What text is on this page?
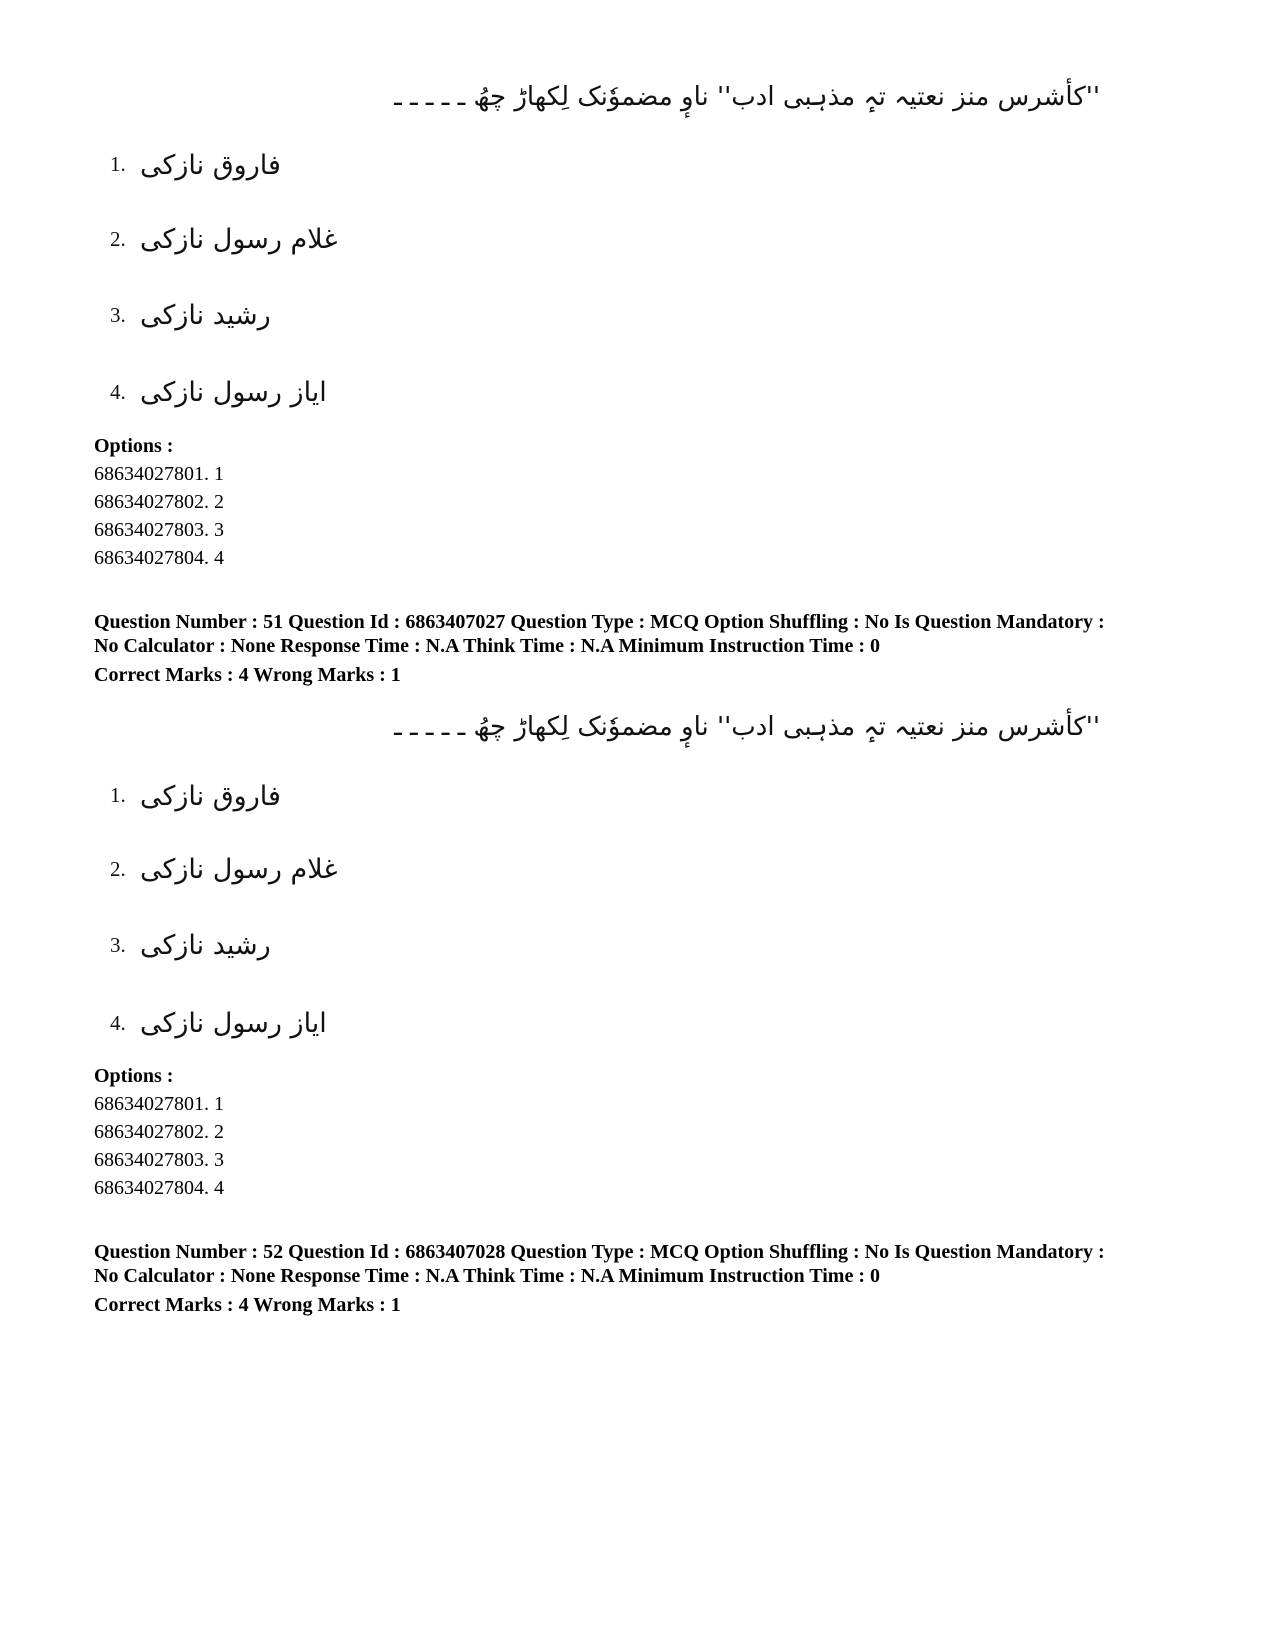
''کأشرس منز نعتیہ تہٕ مذہبی ادب'' ناوٕ مضموٗنک لِکھاڑ چھُ ـ ـ ـ ـ ـ
1. فاروق نازکی
2. غلام رسول نازکی
3. رشید نازکی
4. ایاز رسول نازکی
Options :
68634027801. 1
68634027802. 2
68634027803. 3
68634027804. 4
Question Number : 51 Question Id : 6863407027 Question Type : MCQ Option Shuffling : No Is Question Mandatory :
No Calculator : None Response Time : N.A Think Time : N.A Minimum Instruction Time : 0
Correct Marks : 4 Wrong Marks : 1
''کأشرس منز نعتیہ تہٕ مذہبی ادب'' ناوٕ مضموٗنک لِکھاڑ چھُ ـ ـ ـ ـ ـ
1. فاروق نازکی
2. غلام رسول نازکی
3. رشید نازکی
4. ایاز رسول نازکی
Options :
68634027801. 1
68634027802. 2
68634027803. 3
68634027804. 4
Question Number : 52 Question Id : 6863407028 Question Type : MCQ Option Shuffling : No Is Question Mandatory :
No Calculator : None Response Time : N.A Think Time : N.A Minimum Instruction Time : 0
Correct Marks : 4 Wrong Marks : 1
